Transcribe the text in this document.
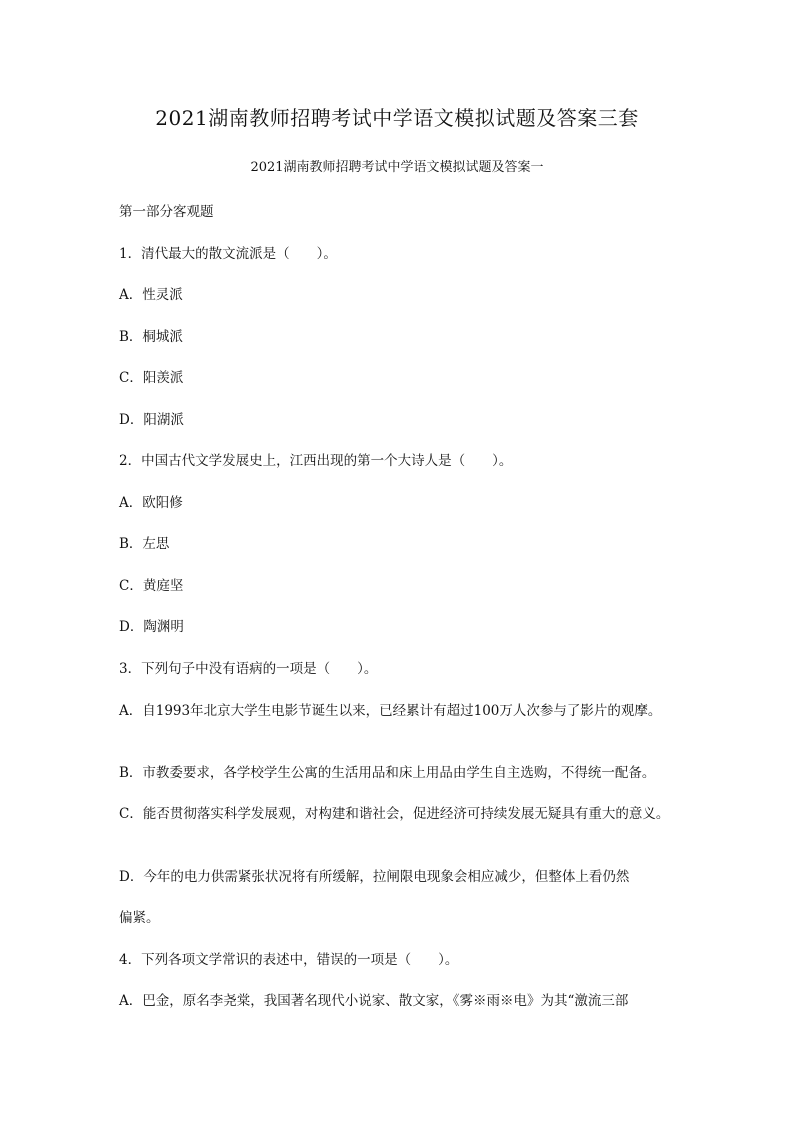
2021湖南教师招聘考试中学语文模拟试题及答案三套
2021湖南教师招聘考试中学语文模拟试题及答案一
第一部分客观题
1．清代最大的散文流派是（　　）。
A．性灵派
B．桐城派
C．阳羡派
D．阳湖派
2．中国古代文学发展史上，江西出现的第一个大诗人是（　　）。
A．欧阳修
B．左思
C．黄庭坚
D．陶渊明
3．下列句子中没有语病的一项是（　　）。
A．自1993年北京大学生电影节诞生以来，已经累计有超过100万人次参与了影片的观摩。
B．市教委要求，各学校学生公寓的生活用品和床上用品由学生自主选购，不得统一配备。
C．能否贯彻落实科学发展观，对构建和谐社会，促进经济可持续发展无疑具有重大的意义。
D．今年的电力供需紧张状况将有所缓解，拉闸限电现象会相应减少，但整体上看仍然
偏紧。
4．下列各项文学常识的表述中，错误的一项是（　　）。
A．巴金，原名李尧棠，我国著名现代小说家、散文家，《雾※雨※电》为其“激流三部
